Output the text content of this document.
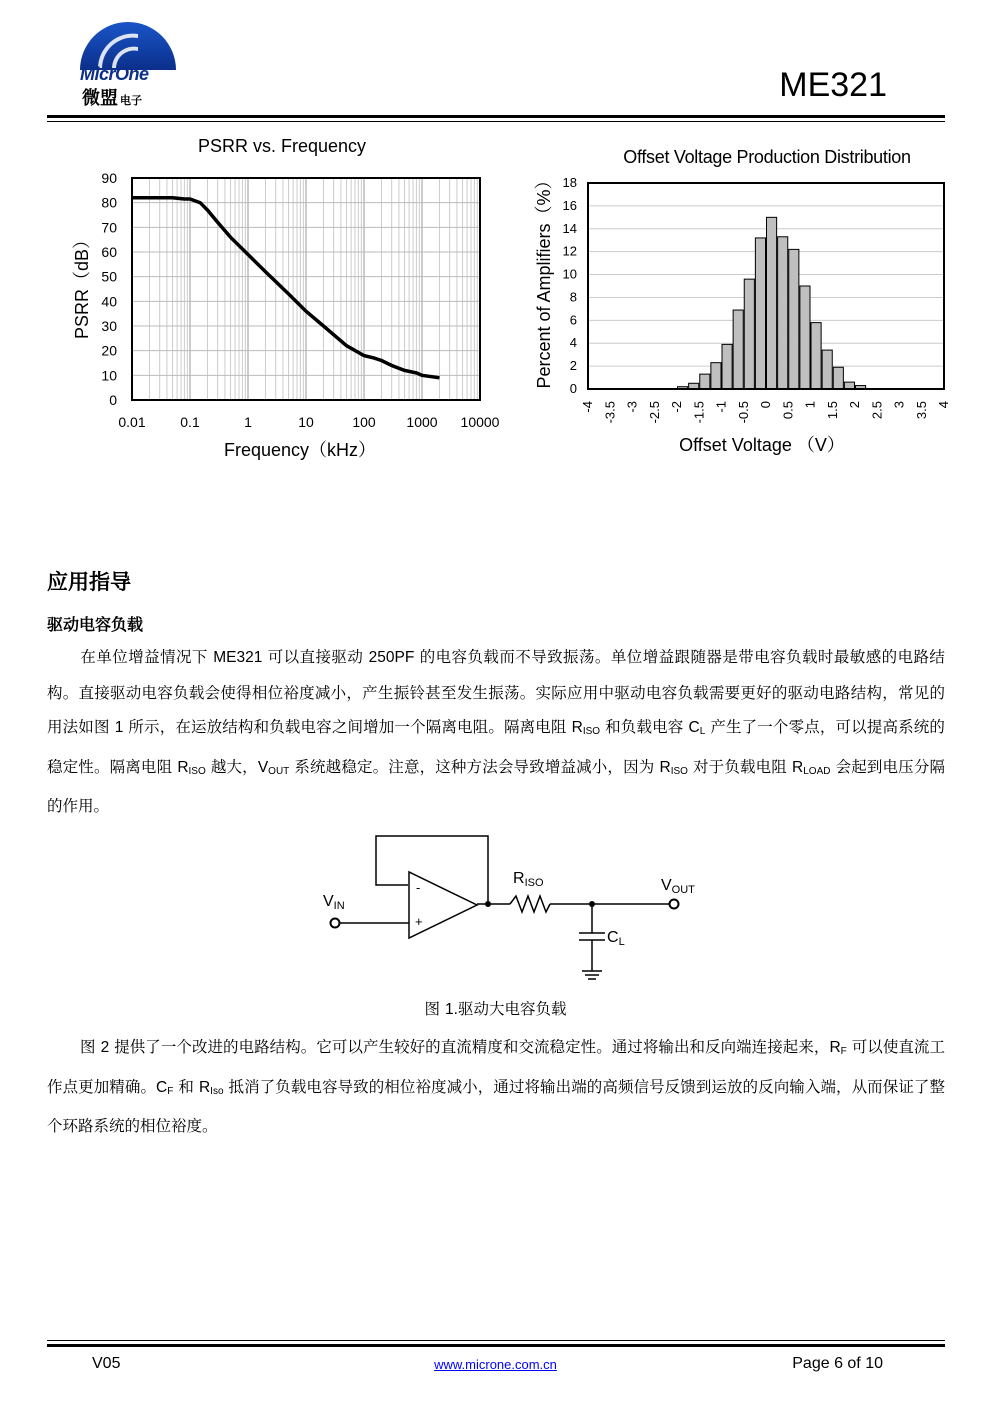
MicrOne
微盟 电子	ME321
PSRR vs. Frequency
0
10
20
30
40
50
60
70
80
90
0.01 0.1	1	10	100 1000 10000
PSRR（dB）
Frequency（kHz）
Offset Voltage Production Distribution
0
2
4
6
8
10
12
14
16
18
-4 -3.5 -3 -2.5 -2 -1.5 -1 -0.5 0 0.5 1 1.5 2 2.5 3 3.5 4
Percent of Amplifiers（%）
Offset Voltage （V）
应用指导
驱动电容负载
在单位增益情况下 ME321 可以直接驱动 250PF 的电容负载而不导致振荡。单位增益跟随器是带电容负载时最敏感的电路结构。直接驱动电容负载会使得相位裕度减小，产生振铃甚至发生振荡。实际应用中驱动电容负载需要更好的驱动电路结构，常见的用法如图 1 所示，在运放结构和负载电容之间增加一个隔离电阻。隔离电阻 $R_{ISO}$ 和负载电容 $C_L$ 产生了一个零点，可以提高系统的稳定性。隔离电阻 $R_{ISO}$ 越大，$V_{OUT}$ 系统越稳定。注意，这种方法会导致增益减小，因为 $R_{ISO}$ 对于负载电阻 $R_{LOAD}$ 会起到电压分隔的作用。
-
+
VIN
RISO	VOUT
CL
图 1.驱动大电容负载
图 2 提供了一个改进的电路结构。它可以产生较好的直流精度和交流稳定性。通过将输出和反向端连接起来，$R_F$ 可以使直流工作点更加精确。$C_F$ 和 $R_{Iso}$ 抵消了负载电容导致的相位裕度减小，通过将输出端的高频信号反馈到运放的反向输入端，从而保证了整个环路系统的相位裕度。
V05	www.microne.com.cn	Page 6 of 10
